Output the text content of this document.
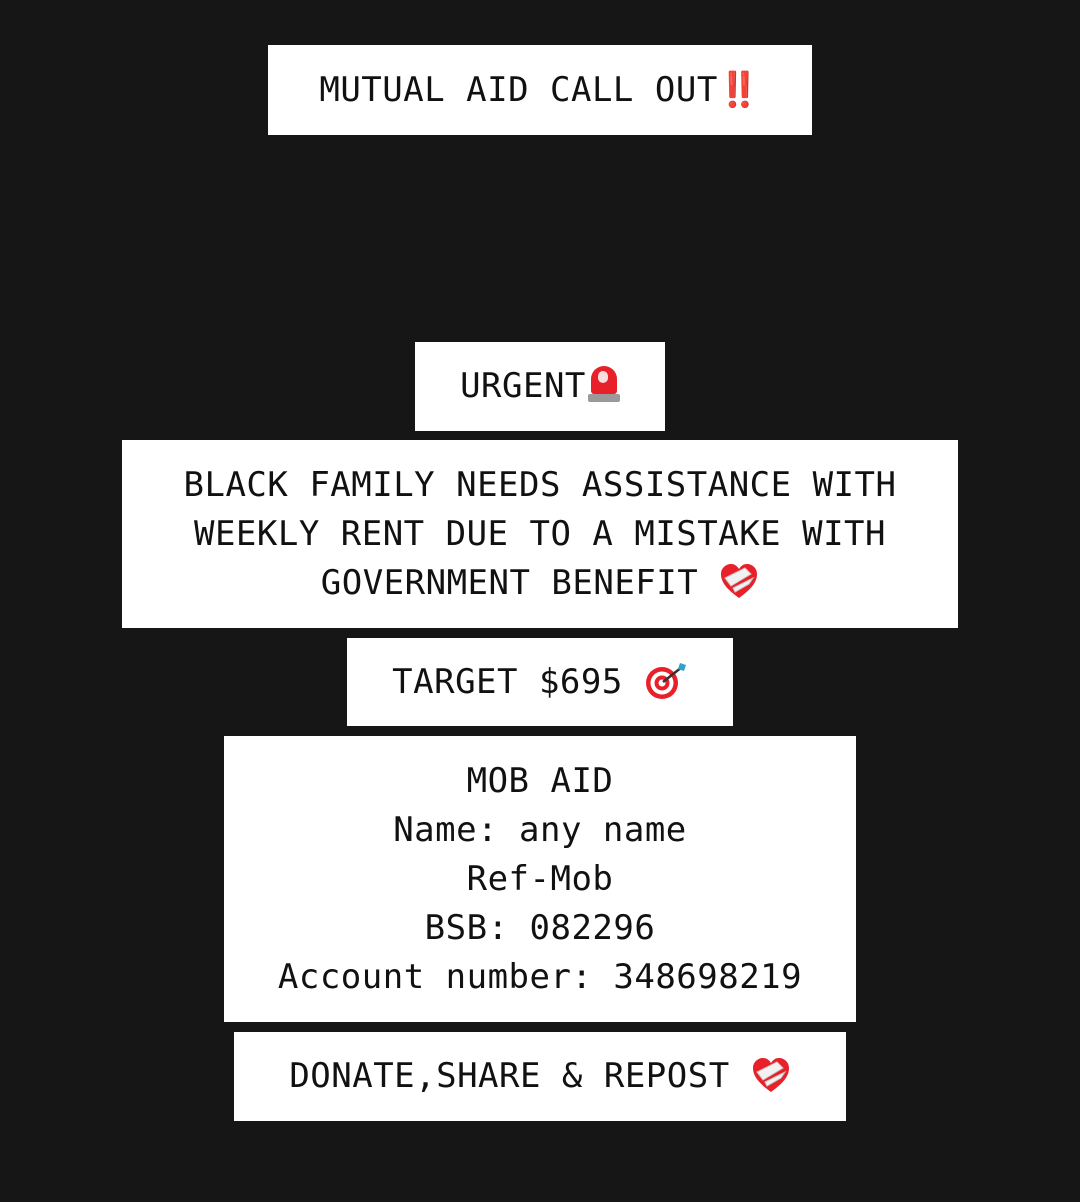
MUTUAL AID CALL OUT‼️
URGENT
BLACK FAMILY NEEDS ASSISTANCE WITH
WEEKLY RENT DUE TO A MISTAKE WITH
GOVERNMENT BENEFIT
TARGET $695
MOB AID
Name: any name
Ref-Mob
BSB: 082296
Account number: 348698219
DONATE,SHARE & REPOST
